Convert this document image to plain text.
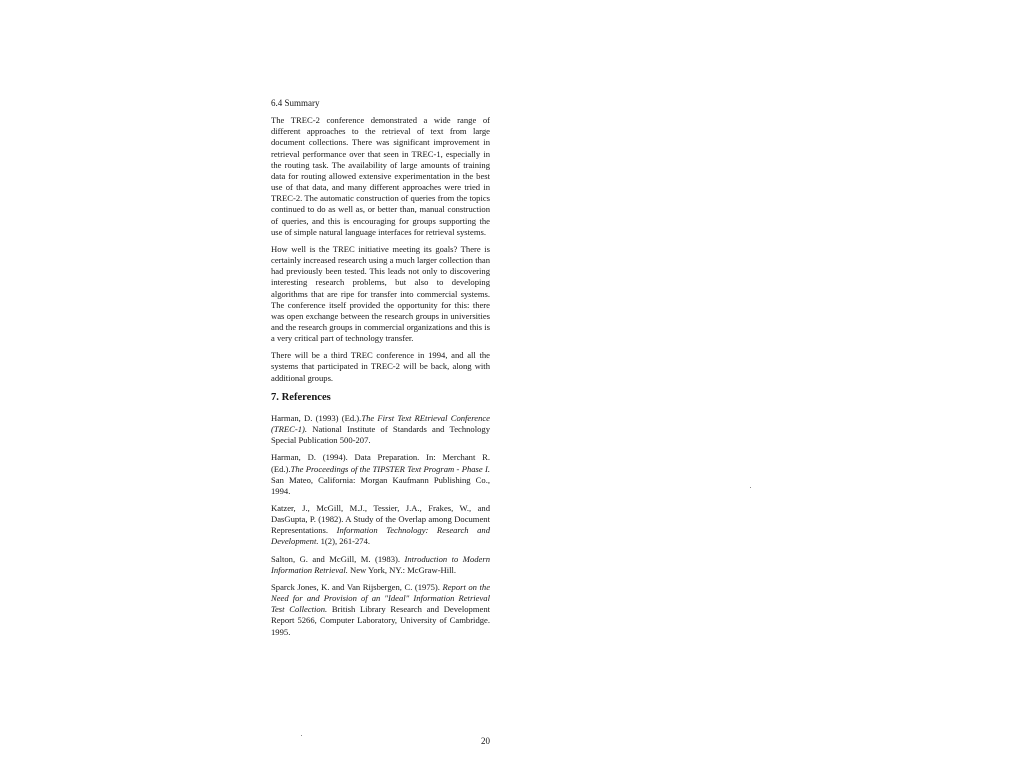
6.4 Summary

The TREC-2 conference demonstrated a wide range of different approaches to the retrieval of text from large document collections. There was significant improvement in retrieval performance over that seen in TREC-1, especially in the routing task. The availability of large amounts of training data for routing allowed extensive experimentation in the best use of that data, and many different approaches were tried in TREC-2. The automatic construction of queries from the topics continued to do as well as, or better than, manual construction of queries, and this is encouraging for groups supporting the use of simple natural language interfaces for retrieval systems.

How well is the TREC initiative meeting its goals? There is certainly increased research using a much larger collection than had previously been tested. This leads not only to discovering interesting research problems, but also to developing algorithms that are ripe for transfer into commercial systems. The conference itself provided the opportunity for this: there was open exchange between the research groups in universities and the research groups in commercial organizations and this is a very critical part of technology transfer.

There will be a third TREC conference in 1994, and all the systems that participated in TREC-2 will be back, along with additional groups.

7. References

Harman, D. (1993) (Ed.).The First Text REtrieval Conference (TREC-1). National Institute of Standards and Technology Special Publication 500-207.

Harman, D. (1994). Data Preparation. In: Merchant R. (Ed.).The Proceedings of the TIPSTER Text Program - Phase I. San Mateo, California: Morgan Kaufmann Publishing Co., 1994.

Katzer, J., McGill, M.J., Tessier, J.A., Frakes, W., and DasGupta, P. (1982). A Study of the Overlap among Document Representations. Information Technology: Research and Development. 1(2), 261-274.

Salton, G. and McGill, M. (1983). Introduction to Modern Information Retrieval. New York, NY.: McGraw-Hill.

Sparck Jones, K. and Van Rijsbergen, C. (1975). Report on the Need for and Provision of an "Ideal" Information Retrieval Test Collection. British Library Research and Development Report 5266, Computer Laboratory, University of Cambridge. 1995.

20
